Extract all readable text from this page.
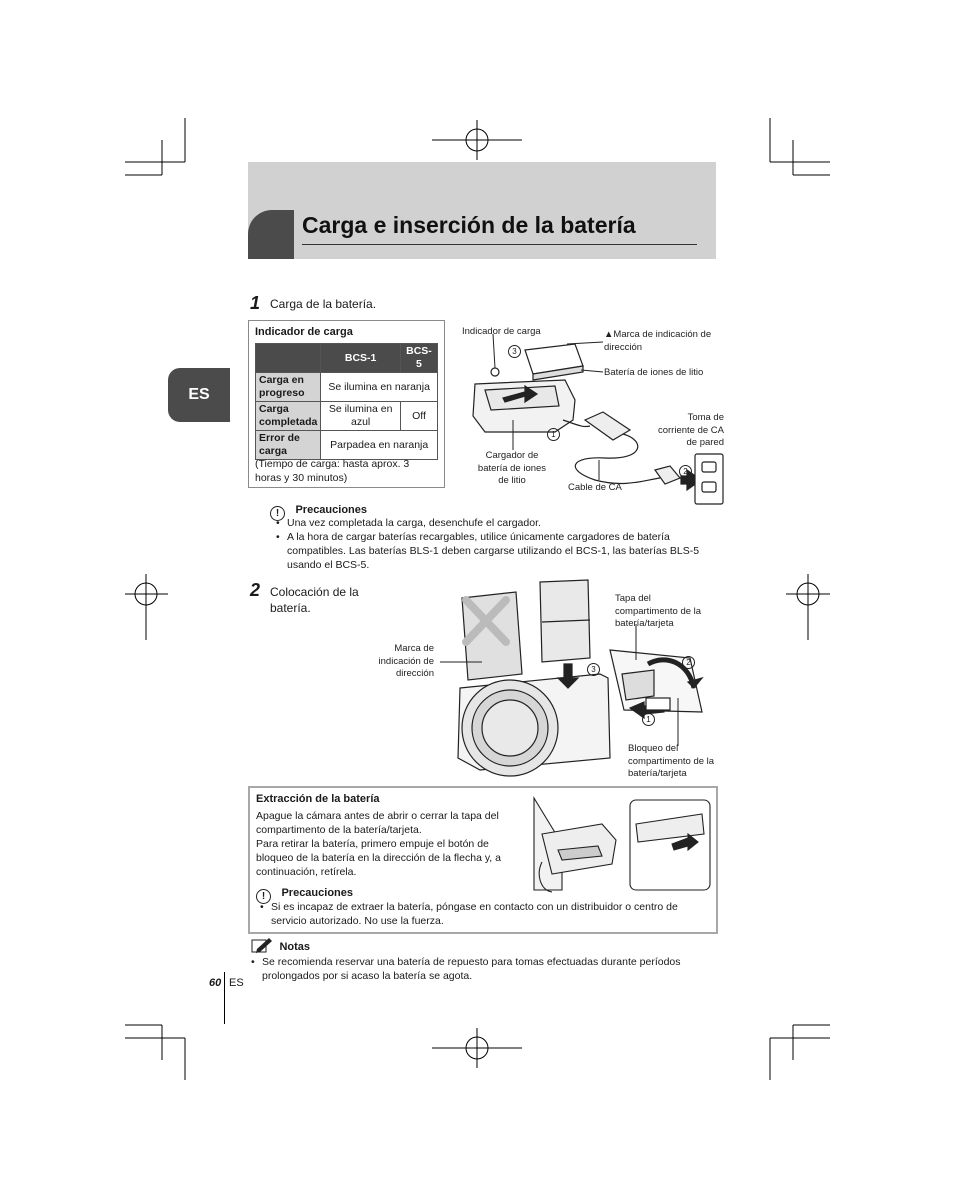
Carga e inserción de la batería
ES
1 Carga de la batería.
Indicador de carga
	BCS-1	BCS-5
Carga en progreso	Se ilumina en naranja	
Carga completada	Se ilumina en azul	Off
Error de carga	Parpadea en naranja	
(Tiempo de carga: hasta aprox. 3 horas y 30 minutos)
Indicador de carga	▲Marca de indicación de dirección
Batería de iones de litio
Cargador de batería de iones de litio
Cable de CA
Toma de corriente de CA de pared
3
1
2
! Precauciones
• Una vez completada la carga, desenchufe el cargador.
• A la hora de cargar baterías recargables, utilice únicamente cargadores de batería compatibles. Las baterías BLS-1 deben cargarse utilizando el BCS-1, las baterías BLS-5 usando el BCS-5.
2 Colocación de la batería.
Marca de indicación de dirección
Tapa del compartimento de la batería/tarjeta
Bloqueo del compartimento de la batería/tarjeta
3
2
1
Extracción de la batería
Apague la cámara antes de abrir o cerrar la tapa del compartimento de la batería/tarjeta.
Para retirar la batería, primero empuje el botón de bloqueo de la batería en la dirección de la flecha y, a continuación, retírela.
! Precauciones
• Si es incapaz de extraer la batería, póngase en contacto con un distribuidor o centro de servicio autorizado. No use la fuerza.
Notas
• Se recomienda reservar una batería de repuesto para tomas efectuadas durante períodos prolongados por si acaso la batería se agota.
60 ES
